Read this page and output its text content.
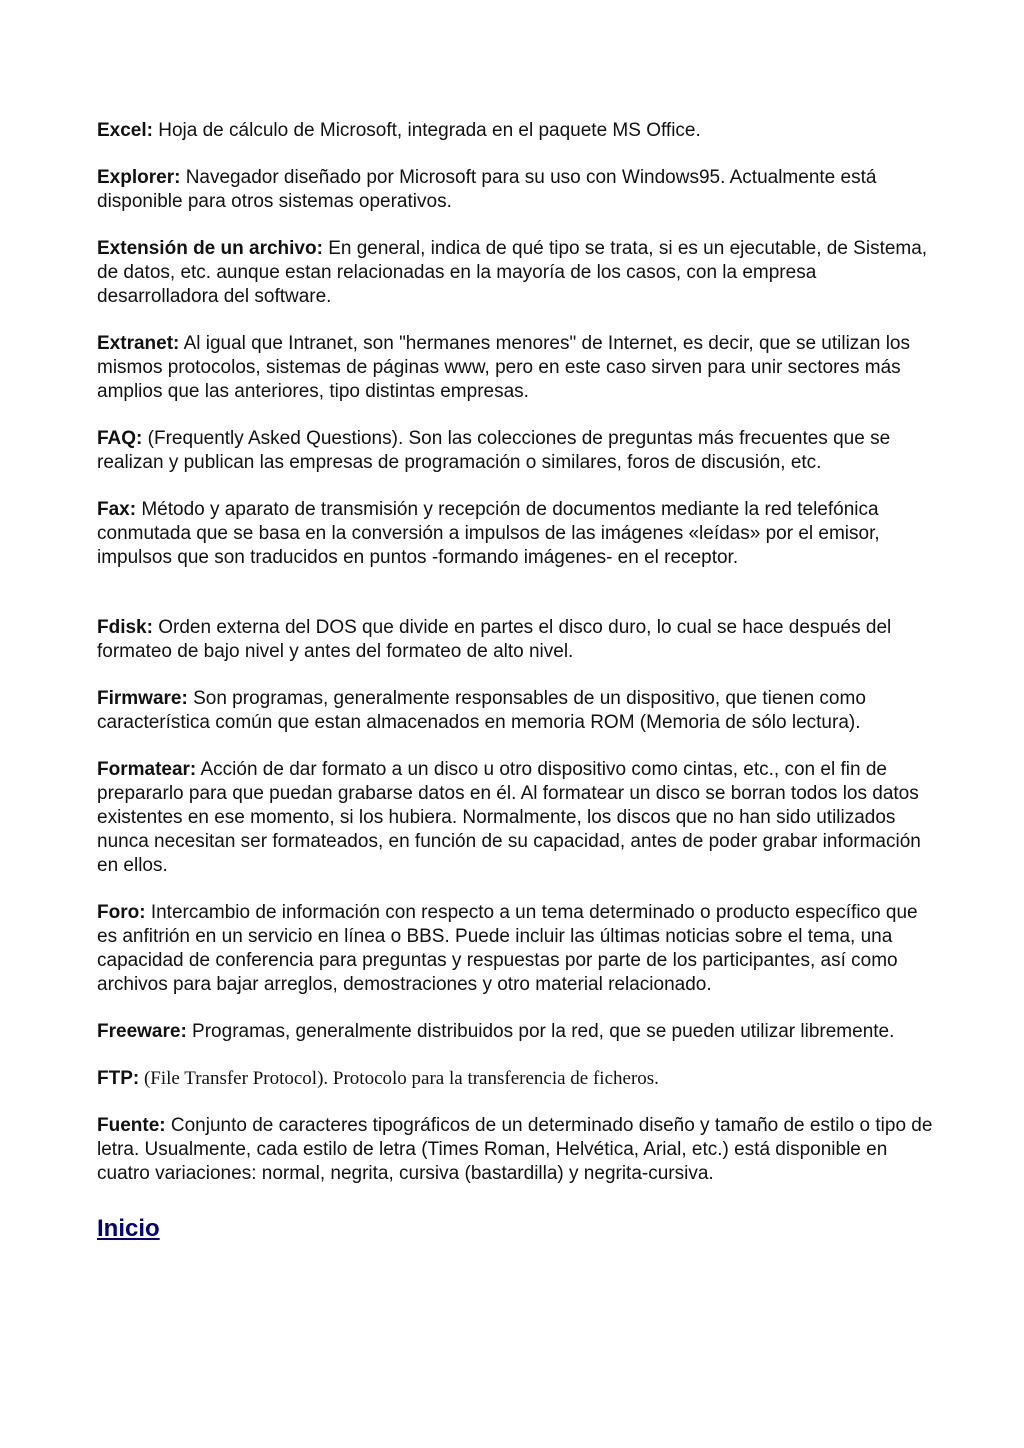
Excel: Hoja de cálculo de Microsoft, integrada en el paquete MS Office.

Explorer: Navegador diseñado por Microsoft para su uso con Windows95. Actualmente está disponible para otros sistemas operativos.

Extensión de un archivo: En general, indica de qué tipo se trata, si es un ejecutable, de Sistema, de datos, etc. aunque estan relacionadas en la mayoría de los casos, con la empresa desarrolladora del software.

Extranet: Al igual que Intranet, son "hermanes menores" de Internet, es decir, que se utilizan los mismos protocolos, sistemas de páginas www, pero en este caso sirven para unir sectores más amplios que las anteriores, tipo distintas empresas.

FAQ: (Frequently Asked Questions). Son las colecciones de preguntas más frecuentes que se realizan y publican las empresas de programación o similares, foros de discusión, etc.

Fax: Método y aparato de transmisión y recepción de documentos mediante la red telefónica conmutada que se basa en la conversión a impulsos de las imágenes «leídas» por el emisor, impulsos que son traducidos en puntos -formando imágenes- en el receptor.

Fdisk: Orden externa del DOS que divide en partes el disco duro, lo cual se hace después del formateo de bajo nivel y antes del formateo de alto nivel.

Firmware: Son programas, generalmente responsables de un dispositivo, que tienen como característica común que estan almacenados en memoria ROM (Memoria de sólo lectura).

Formatear: Acción de dar formato a un disco u otro dispositivo como cintas, etc., con el fin de prepararlo para que puedan grabarse datos en él. Al formatear un disco se borran todos los datos existentes en ese momento, si los hubiera. Normalmente, los discos que no han sido utilizados nunca necesitan ser formateados, en función de su capacidad, antes de poder grabar información en ellos.

Foro: Intercambio de información con respecto a un tema determinado o producto específico que es anfitrión en un servicio en línea o BBS. Puede incluir las últimas noticias sobre el tema, una capacidad de conferencia para preguntas y respuestas por parte de los participantes, así como archivos para bajar arreglos, demostraciones y otro material relacionado.

Freeware: Programas, generalmente distribuidos por la red, que se pueden utilizar libremente.

FTP: (File Transfer Protocol). Protocolo para la transferencia de ficheros.

Fuente: Conjunto de caracteres tipográficos de un determinado diseño y tamaño de estilo o tipo de letra. Usualmente, cada estilo de letra (Times Roman, Helvética, Arial, etc.) está disponible en cuatro variaciones: normal, negrita, cursiva (bastardilla) y negrita-cursiva.

Inicio
